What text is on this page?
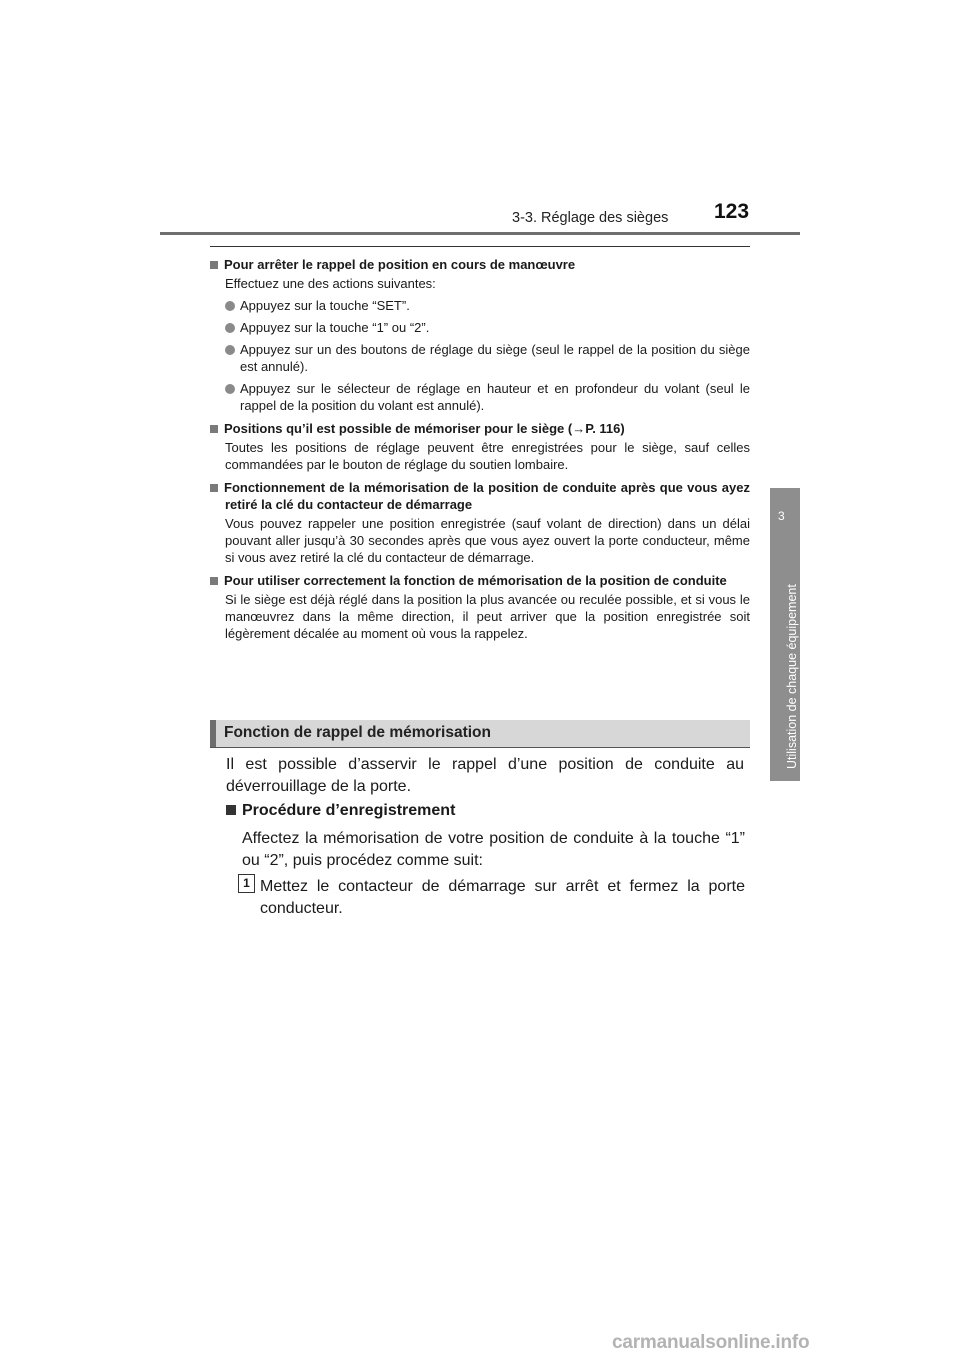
3-3. Réglage des sièges 123
3
Utilisation de chaque équipement
Pour arrêter le rappel de position en cours de manœuvre
Effectuez une des actions suivantes:
Appuyez sur la touche “SET”.
Appuyez sur la touche “1” ou “2”.
Appuyez sur un des boutons de réglage du siège (seul le rappel de la position du siège est annulé).
Appuyez sur le sélecteur de réglage en hauteur et en profondeur du volant (seul le rappel de la position du volant est annulé).
Positions qu’il est possible de mémoriser pour le siège (→P. 116)
Toutes les positions de réglage peuvent être enregistrées pour le siège, sauf celles commandées par le bouton de réglage du soutien lombaire.
Fonctionnement de la mémorisation de la position de conduite après que vous ayez retiré la clé du contacteur de démarrage
Vous pouvez rappeler une position enregistrée (sauf volant de direction) dans un délai pouvant aller jusqu’à 30 secondes après que vous ayez ouvert la porte conducteur, même si vous avez retiré la clé du contacteur de démarrage.
Pour utiliser correctement la fonction de mémorisation de la position de conduite
Si le siège est déjà réglé dans la position la plus avancée ou reculée possible, et si vous le manœuvrez dans la même direction, il peut arriver que la position enregistrée soit légèrement décalée au moment où vous la rappelez.
Fonction de rappel de mémorisation
Il est possible d’asservir le rappel d’une position de conduite au déverrouillage de la porte.
Procédure d’enregistrement
Affectez la mémorisation de votre position de conduite à la touche “1” ou “2”, puis procédez comme suit:
1 Mettez le contacteur de démarrage sur arrêt et fermez la porte conducteur.
carmanualsonline.info
